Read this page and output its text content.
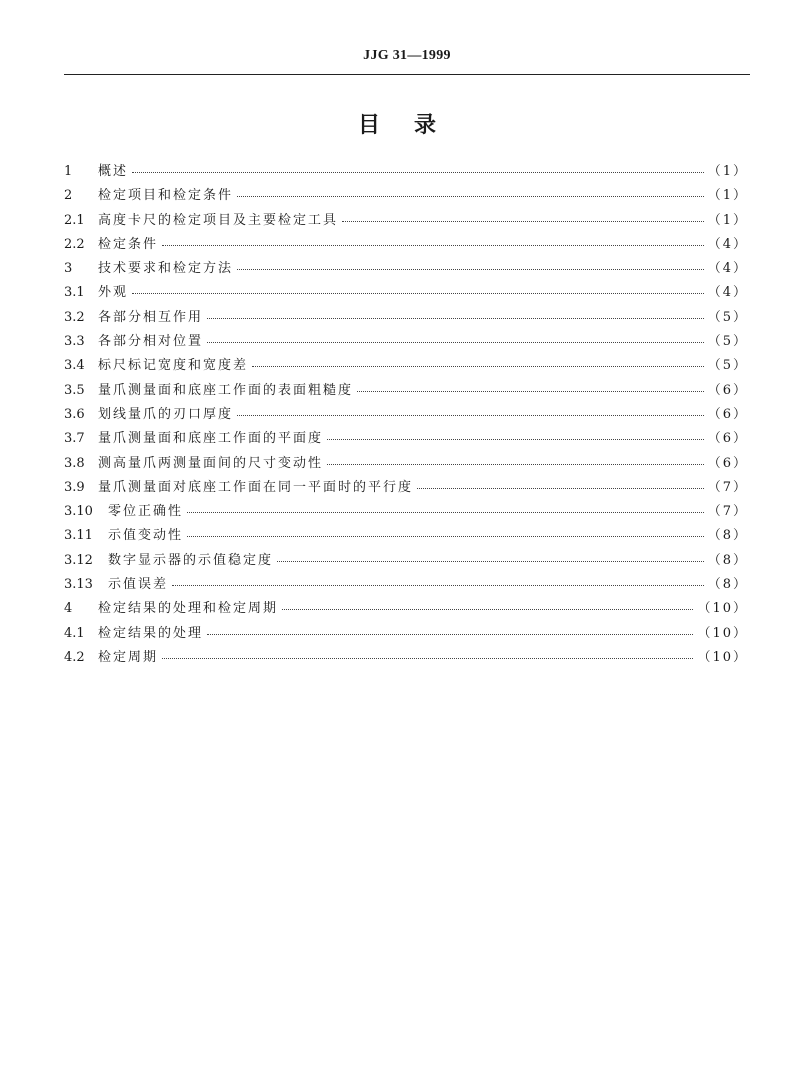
JJG 31—1999
目录
1	概述	（1）
2	检定项目和检定条件	（1）
2.1	高度卡尺的检定项目及主要检定工具	（1）
2.2	检定条件	（4）
3	技术要求和检定方法	（4）
3.1	外观	（4）
3.2	各部分相互作用	（5）
3.3	各部分相对位置	（5）
3.4	标尺标记宽度和宽度差	（5）
3.5	量爪测量面和底座工作面的表面粗糙度	（6）
3.6	划线量爪的刃口厚度	（6）
3.7	量爪测量面和底座工作面的平面度	（6）
3.8	测高量爪两测量面间的尺寸变动性	（6）
3.9	量爪测量面对底座工作面在同一平面时的平行度	（7）
3.10	零位正确性	（7）
3.11	示值变动性	（8）
3.12	数字显示器的示值稳定度	（8）
3.13	示值误差	（8）
4	检定结果的处理和检定周期	（10）
4.1	检定结果的处理	（10）
4.2	检定周期	（10）
